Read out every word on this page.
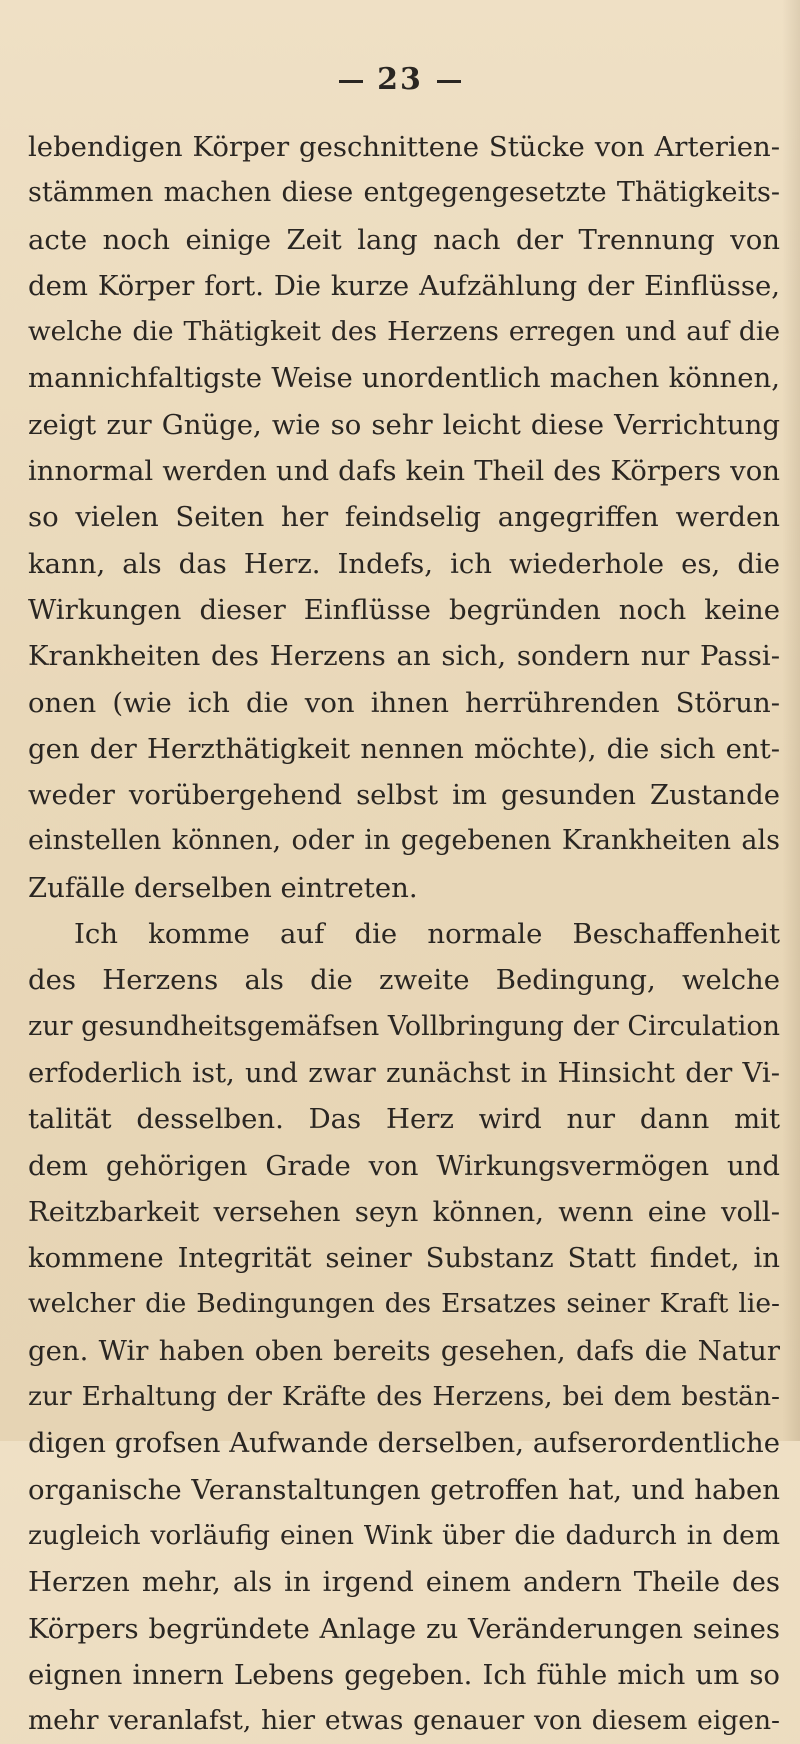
23
lebendigen Körper geschnittene Stücke von Arterien-
stämmen machen diese entgegengesetzte Thätigkeits-
acte noch einige Zeit lang nach der Trennung von
dem Körper fort. Die kurze Aufzählung der Einflüsse,
welche die Thätigkeit des Herzens erregen und auf die
mannichfaltigste Weise unordentlich machen können,
zeigt zur Gnüge, wie so sehr leicht diese Verrichtung
innormal werden und dafs kein Theil des Körpers von
so vielen Seiten her feindselig angegriffen werden
kann, als das Herz. Indefs, ich wiederhole es, die
Wirkungen dieser Einflüsse begründen noch keine
Krankheiten des Herzens an sich, sondern nur Passi-
onen (wie ich die von ihnen herrührenden Störun-
gen der Herzthätigkeit nennen möchte), die sich ent-
weder vorübergehend selbst im gesunden Zustande
einstellen können, oder in gegebenen Krankheiten als
Zufälle derselben eintreten.
Ich komme auf die normale Beschaffenheit
des Herzens als die zweite Bedingung, welche
zur gesundheitsgemäfsen Vollbringung der Circulation
erfoderlich ist, und zwar zunächst in Hinsicht der Vi-
talität desselben. Das Herz wird nur dann mit
dem gehörigen Grade von Wirkungsvermögen und
Reitzbarkeit versehen seyn können, wenn eine voll-
kommene Integrität seiner Substanz Statt findet, in
welcher die Bedingungen des Ersatzes seiner Kraft lie-
gen. Wir haben oben bereits gesehen, dafs die Natur
zur Erhaltung der Kräfte des Herzens, bei dem bestän-
digen grofsen Aufwande derselben, aufserordentliche
organische Veranstaltungen getroffen hat, und haben
zugleich vorläufig einen Wink über die dadurch in dem
Herzen mehr, als in irgend einem andern Theile des
Körpers begründete Anlage zu Veränderungen seines
eignen innern Lebens gegeben. Ich fühle mich um so
mehr veranlafst, hier etwas genauer von diesem eigen-
